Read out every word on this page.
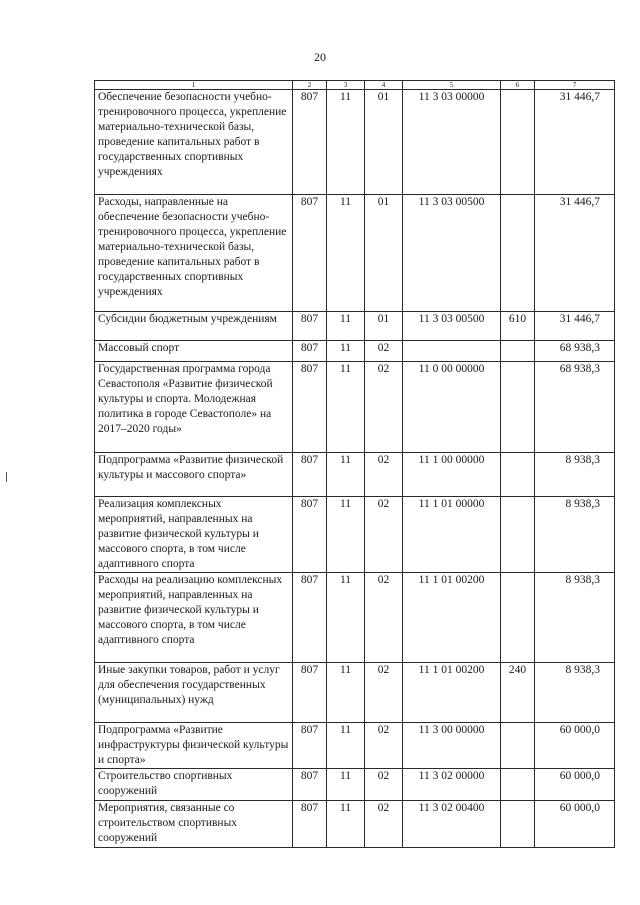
20
1	2	3	4	5	6	7
Обеспечение безопасности учебно-тренировочного процесса, укрепление материально-технической базы, проведение капитальных работ в государственных спортивных учреждениях	807	11	01	11 3 03 00000		31 446,7
Расходы, направленные на обеспечение безопасности учебно-тренировочного процесса, укрепление материально-технической базы, проведение капитальных работ в государственных спортивных учреждениях	807	11	01	11 3 03 00500		31 446,7
Субсидии бюджетным учреждениям	807	11	01	11 3 03 00500	610	31 446,7
Массовый спорт	807	11	02			68 938,3
Государственная программа города Севастополя «Развитие физической культуры и спорта. Молодежная политика в городе Севастополе» на 2017–2020 годы»	807	11	02	11 0 00 00000		68 938,3
Подпрограмма «Развитие физической культуры и массового спорта»	807	11	02	11 1 00 00000		8 938,3
Реализация комплексных мероприятий, направленных на развитие физической культуры и массового спорта, в том числе адаптивного спорта	807	11	02	11 1 01 00000		8 938,3
Расходы на реализацию комплексных мероприятий, направленных на развитие физической культуры и массового спорта, в том числе адаптивного спорта	807	11	02	11 1 01 00200		8 938,3
Иные закупки товаров, работ и услуг для обеспечения государственных (муниципальных) нужд	807	11	02	11 1 01 00200	240	8 938,3
Подпрограмма «Развитие инфраструктуры физической культуры и спорта»	807	11	02	11 3 00 00000		60 000,0
Строительство спортивных сооружений	807	11	02	11 3 02 00000		60 000,0
Мероприятия, связанные со строительством спортивных сооружений	807	11	02	11 3 02 00400		60 000,0
